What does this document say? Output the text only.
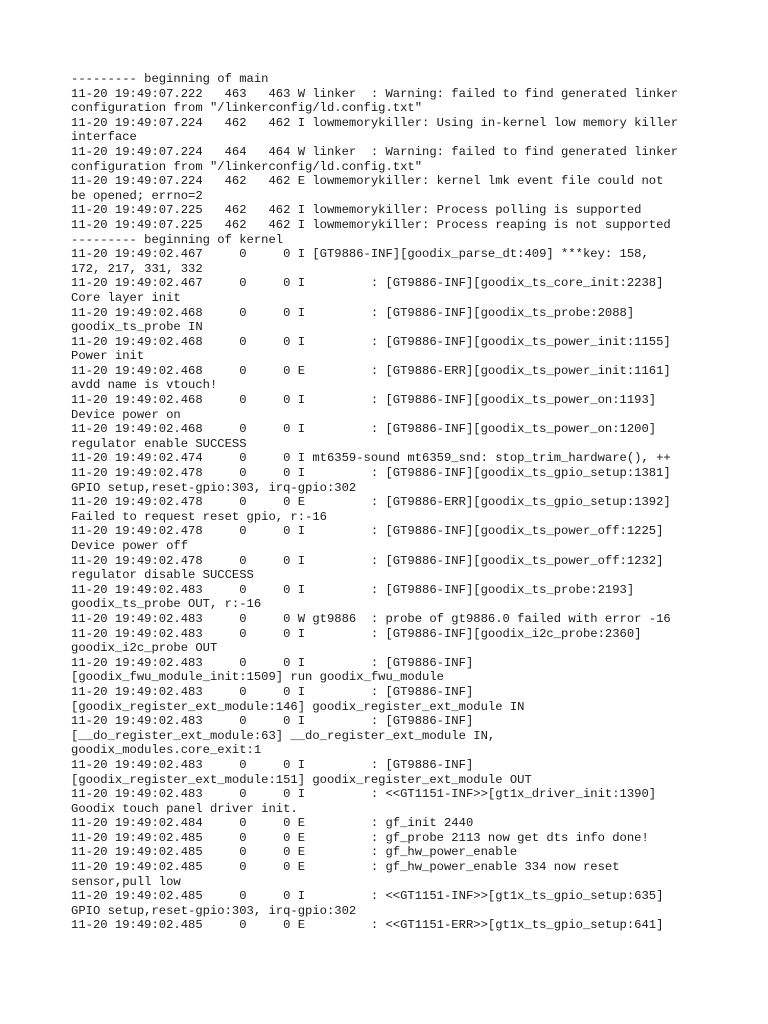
--------- beginning of main
11-20 19:49:07.222   463   463 W linker  : Warning: failed to find generated linker
configuration from "/linkerconfig/ld.config.txt"
11-20 19:49:07.224   462   462 I lowmemorykiller: Using in-kernel low memory killer
interface
11-20 19:49:07.224   464   464 W linker  : Warning: failed to find generated linker
configuration from "/linkerconfig/ld.config.txt"
11-20 19:49:07.224   462   462 E lowmemorykiller: kernel lmk event file could not
be opened; errno=2
11-20 19:49:07.225   462   462 I lowmemorykiller: Process polling is supported
11-20 19:49:07.225   462   462 I lowmemorykiller: Process reaping is not supported
--------- beginning of kernel
11-20 19:49:02.467     0     0 I [GT9886-INF][goodix_parse_dt:409] ***key: 158,
172, 217, 331, 332
11-20 19:49:02.467     0     0 I         : [GT9886-INF][goodix_ts_core_init:2238]
Core layer init
11-20 19:49:02.468     0     0 I         : [GT9886-INF][goodix_ts_probe:2088]
goodix_ts_probe IN
11-20 19:49:02.468     0     0 I         : [GT9886-INF][goodix_ts_power_init:1155]
Power init
11-20 19:49:02.468     0     0 E         : [GT9886-ERR][goodix_ts_power_init:1161]
avdd name is vtouch!
11-20 19:49:02.468     0     0 I         : [GT9886-INF][goodix_ts_power_on:1193]
Device power on
11-20 19:49:02.468     0     0 I         : [GT9886-INF][goodix_ts_power_on:1200]
regulator enable SUCCESS
11-20 19:49:02.474     0     0 I mt6359-sound mt6359_snd: stop_trim_hardware(), ++
11-20 19:49:02.478     0     0 I         : [GT9886-INF][goodix_ts_gpio_setup:1381]
GPIO setup,reset-gpio:303, irq-gpio:302
11-20 19:49:02.478     0     0 E         : [GT9886-ERR][goodix_ts_gpio_setup:1392]
Failed to request reset gpio, r:-16
11-20 19:49:02.478     0     0 I         : [GT9886-INF][goodix_ts_power_off:1225]
Device power off
11-20 19:49:02.478     0     0 I         : [GT9886-INF][goodix_ts_power_off:1232]
regulator disable SUCCESS
11-20 19:49:02.483     0     0 I         : [GT9886-INF][goodix_ts_probe:2193]
goodix_ts_probe OUT, r:-16
11-20 19:49:02.483     0     0 W gt9886  : probe of gt9886.0 failed with error -16
11-20 19:49:02.483     0     0 I         : [GT9886-INF][goodix_i2c_probe:2360]
goodix_i2c_probe OUT
11-20 19:49:02.483     0     0 I         : [GT9886-INF]
[goodix_fwu_module_init:1509] run goodix_fwu_module
11-20 19:49:02.483     0     0 I         : [GT9886-INF]
[goodix_register_ext_module:146] goodix_register_ext_module IN
11-20 19:49:02.483     0     0 I         : [GT9886-INF]
[__do_register_ext_module:63] __do_register_ext_module IN,
goodix_modules.core_exit:1
11-20 19:49:02.483     0     0 I         : [GT9886-INF]
[goodix_register_ext_module:151] goodix_register_ext_module OUT
11-20 19:49:02.483     0     0 I         : <<GT1151-INF>>[gt1x_driver_init:1390]
Goodix touch panel driver init.
11-20 19:49:02.484     0     0 E         : gf_init 2440
11-20 19:49:02.485     0     0 E         : gf_probe 2113 now get dts info done!
11-20 19:49:02.485     0     0 E         : gf_hw_power_enable
11-20 19:49:02.485     0     0 E         : gf_hw_power_enable 334 now reset
sensor,pull low
11-20 19:49:02.485     0     0 I         : <<GT1151-INF>>[gt1x_ts_gpio_setup:635]
GPIO setup,reset-gpio:303, irq-gpio:302
11-20 19:49:02.485     0     0 E         : <<GT1151-ERR>>[gt1x_ts_gpio_setup:641]
